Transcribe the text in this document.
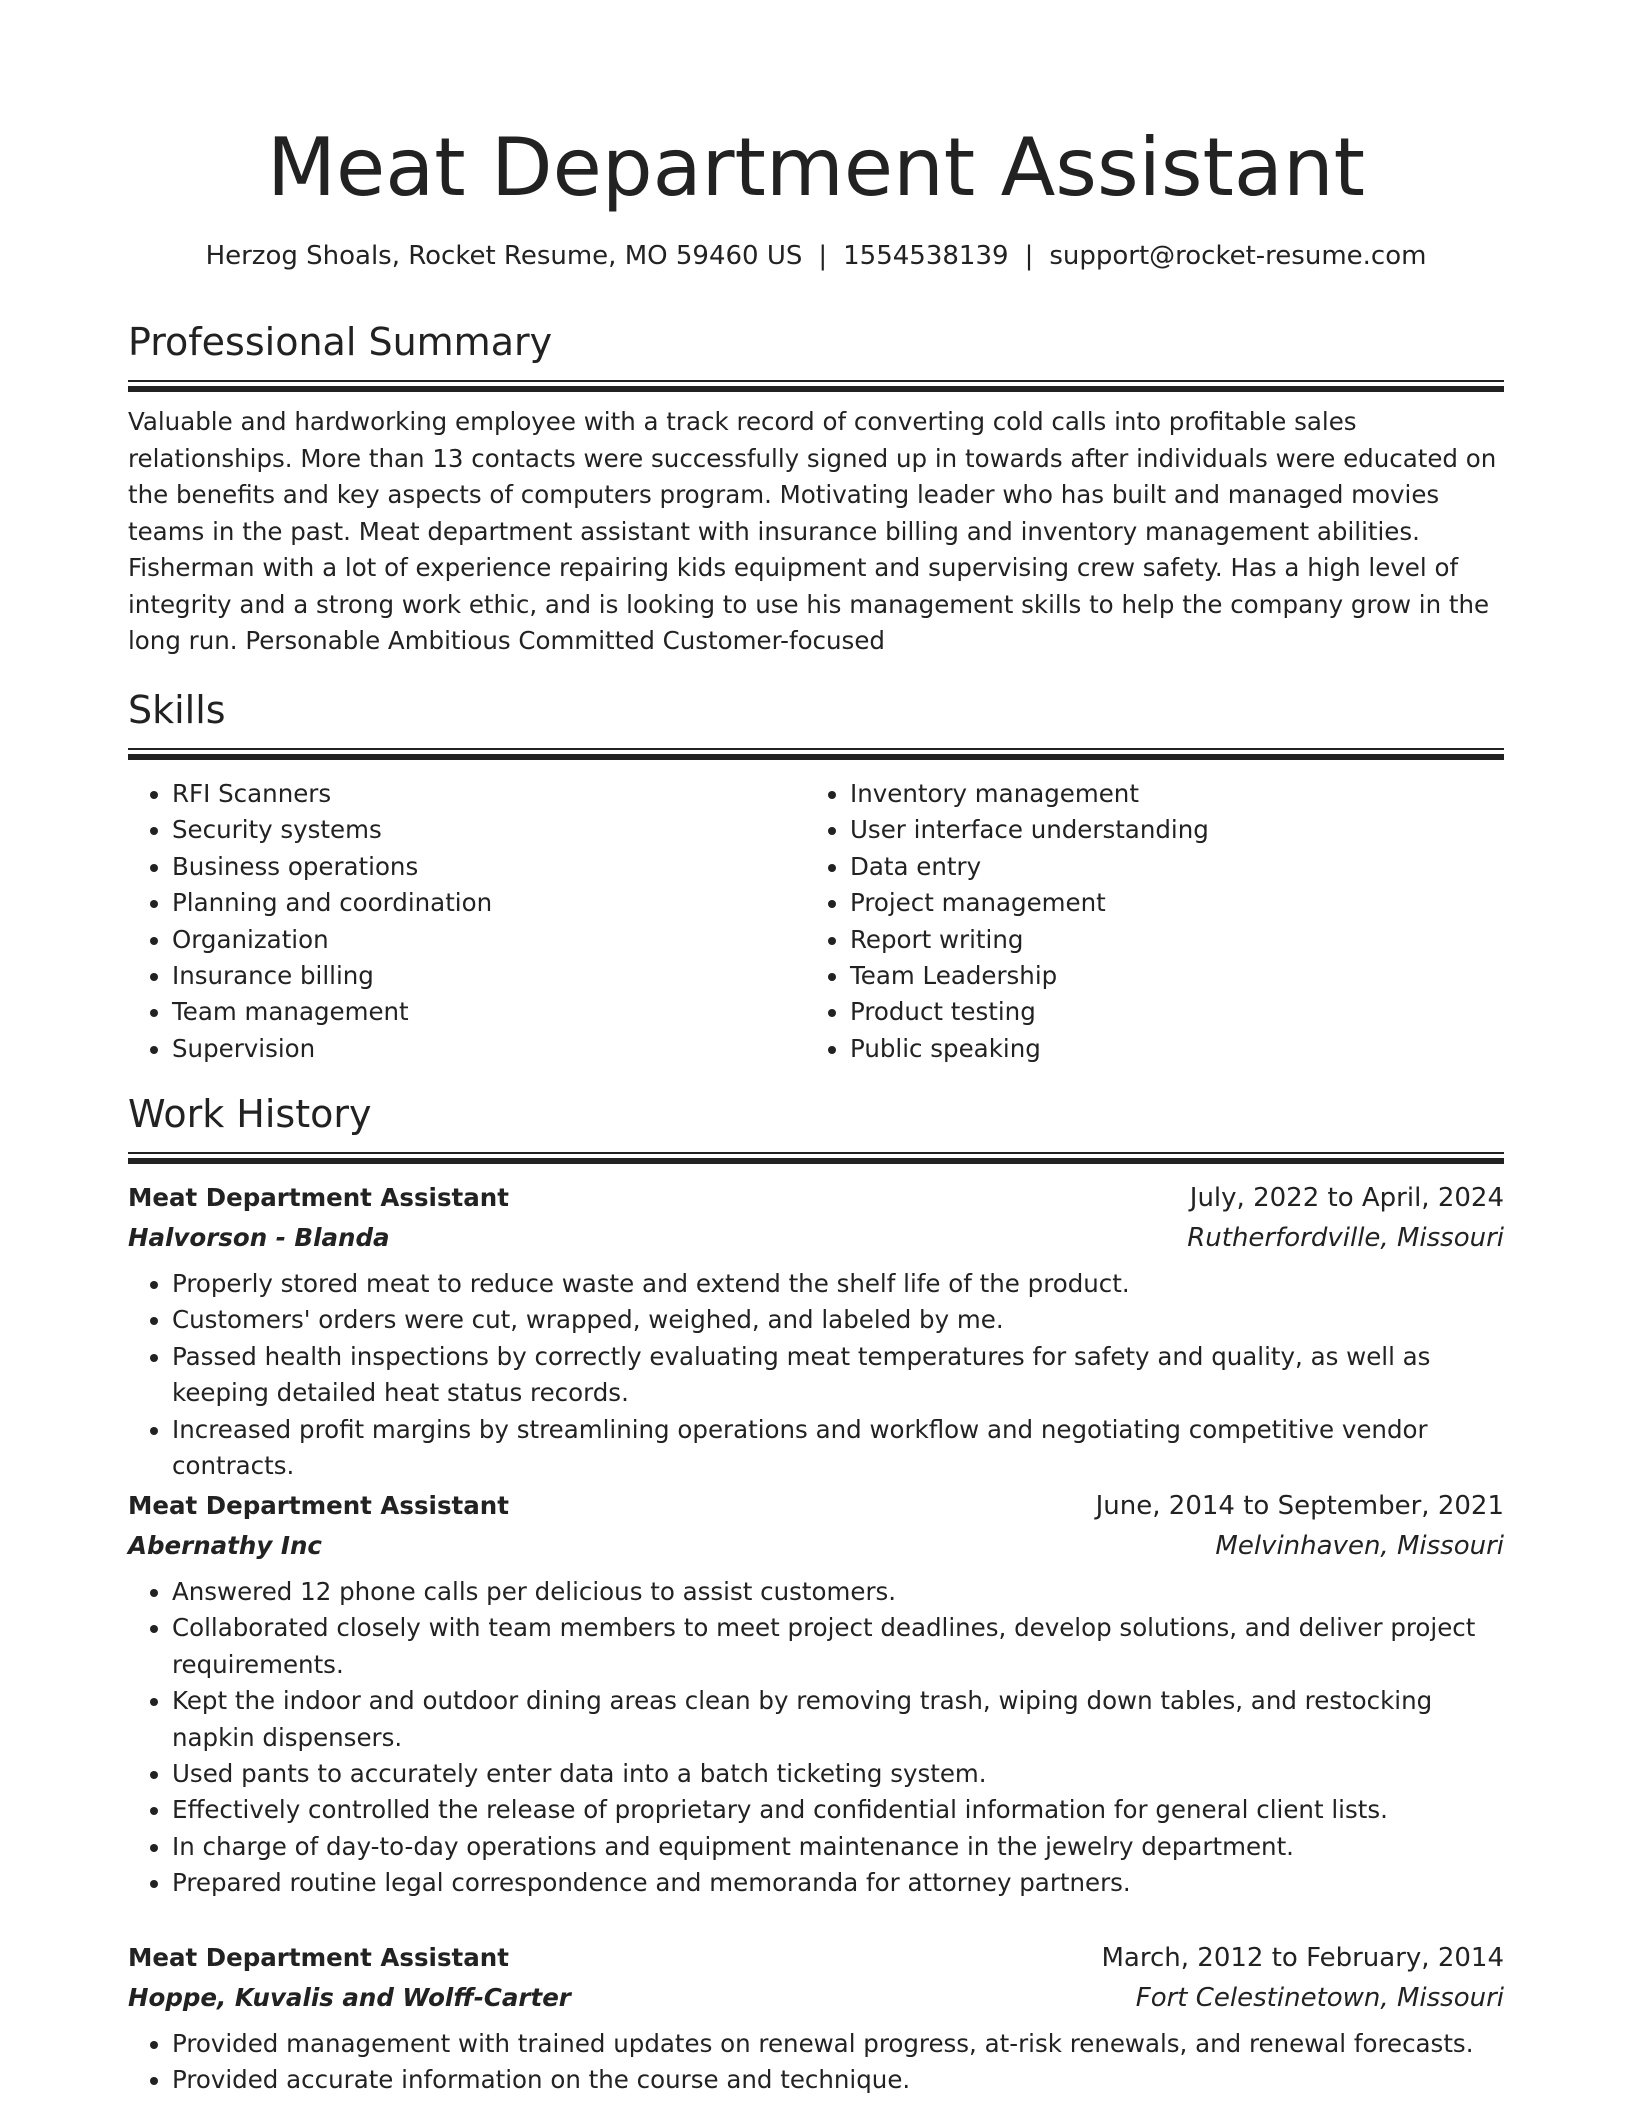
Meat Department Assistant
Herzog Shoals, Rocket Resume, MO 59460 US | 1554538139 | support@rocket-resume.com
Professional Summary
Valuable and hardworking employee with a track record of converting cold calls into profitable sales relationships. More than 13 contacts were successfully signed up in towards after individuals were educated on the benefits and key aspects of computers program. Motivating leader who has built and managed movies teams in the past. Meat department assistant with insurance billing and inventory management abilities. Fisherman with a lot of experience repairing kids equipment and supervising crew safety. Has a high level of integrity and a strong work ethic, and is looking to use his management skills to help the company grow in the long run. Personable Ambitious Committed Customer-focused
Skills
• RFI Scanners
• Security systems
• Business operations
• Planning and coordination
• Organization
• Insurance billing
• Team management
• Supervision
• Inventory management
• User interface understanding
• Data entry
• Project management
• Report writing
• Team Leadership
• Product testing
• Public speaking
Work History
Meat Department Assistant	July, 2022 to April, 2024
Halvorson - Blanda	Rutherfordville, Missouri
• Properly stored meat to reduce waste and extend the shelf life of the product.
• Customers' orders were cut, wrapped, weighed, and labeled by me.
• Passed health inspections by correctly evaluating meat temperatures for safety and quality, as well as keeping detailed heat status records.
• Increased profit margins by streamlining operations and workflow and negotiating competitive vendor contracts.
Meat Department Assistant	June, 2014 to September, 2021
Abernathy Inc	Melvinhaven, Missouri
• Answered 12 phone calls per delicious to assist customers.
• Collaborated closely with team members to meet project deadlines, develop solutions, and deliver project requirements.
• Kept the indoor and outdoor dining areas clean by removing trash, wiping down tables, and restocking napkin dispensers.
• Used pants to accurately enter data into a batch ticketing system.
• Effectively controlled the release of proprietary and confidential information for general client lists.
• In charge of day-to-day operations and equipment maintenance in the jewelry department.
• Prepared routine legal correspondence and memoranda for attorney partners.
Meat Department Assistant	March, 2012 to February, 2014
Hoppe, Kuvalis and Wolff-Carter	Fort Celestinetown, Missouri
• Provided management with trained updates on renewal progress, at-risk renewals, and renewal forecasts.
• Provided accurate information on the course and technique.
